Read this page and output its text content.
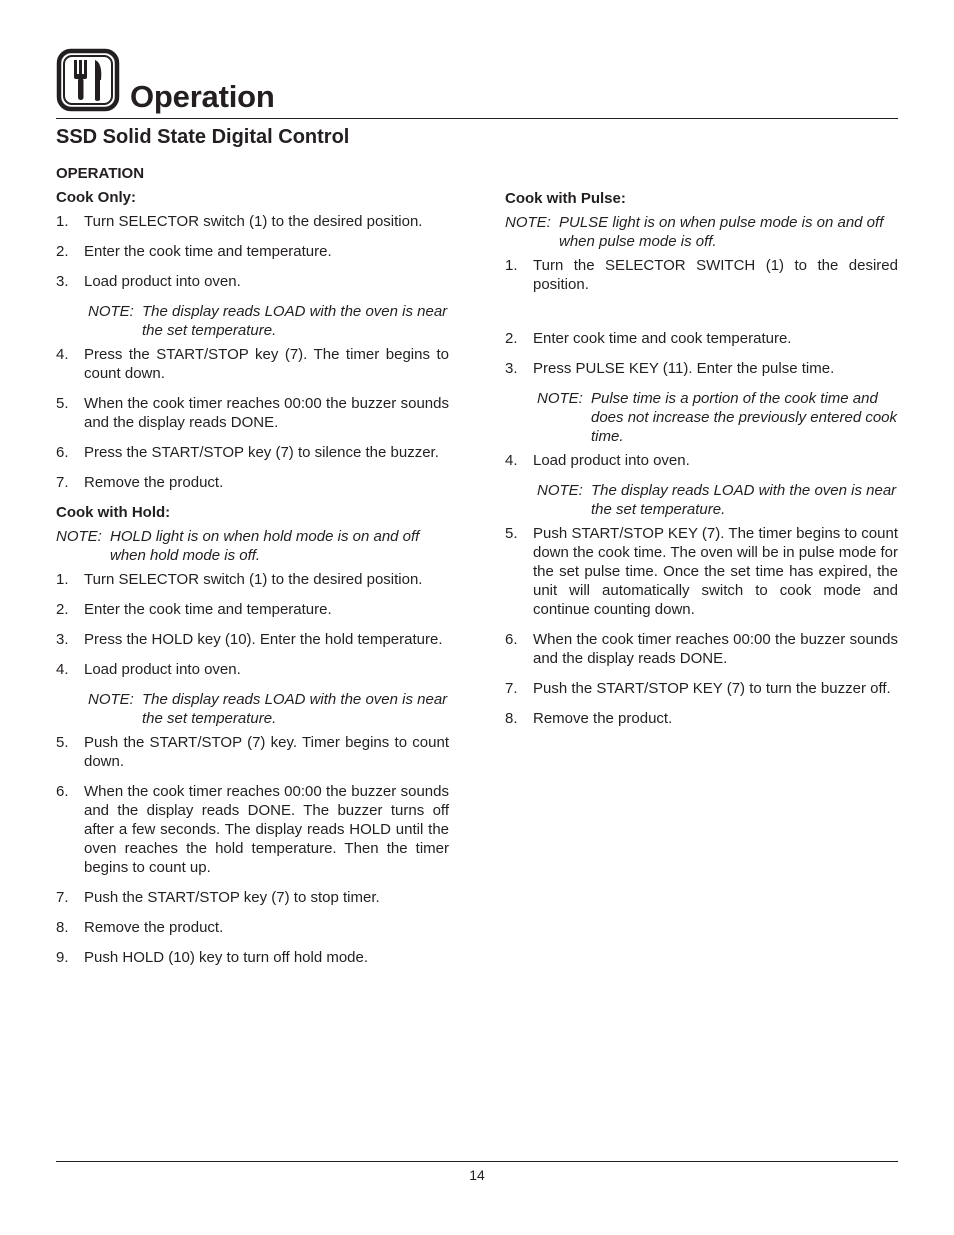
Operation
SSD Solid State Digital Control
OPERATION
Cook Only:
1. Turn SELECTOR switch (1) to the desired position.
2. Enter the cook time and temperature.
3. Load product into oven.
NOTE: The display reads LOAD with the oven is near the set temperature.
4. Press the START/STOP key (7). The timer begins to count down.
5. When the cook timer reaches 00:00 the buzzer sounds and the display reads DONE.
6. Press the START/STOP key (7) to silence the buzzer.
7. Remove the product.
Cook with Hold:
NOTE: HOLD light is on when hold mode is on and off when hold mode is off.
1. Turn SELECTOR switch (1) to the desired position.
2. Enter the cook time and temperature.
3. Press the HOLD key (10). Enter the hold temperature.
4. Load product into oven.
NOTE: The display reads LOAD with the oven is near the set temperature.
5. Push the START/STOP (7) key. Timer begins to count down.
6. When the cook timer reaches 00:00 the buzzer sounds and the display reads DONE. The buzzer turns off after a few seconds. The display reads HOLD until the oven reaches the hold temperature. Then the timer begins to count up.
7. Push the START/STOP key (7) to stop timer.
8. Remove the product.
9. Push HOLD (10) key to turn off hold mode.
Cook with Pulse:
NOTE: PULSE light is on when pulse mode is on and off when pulse mode is off.
1. Turn the SELECTOR SWITCH (1) to the desired position.
2. Enter cook time and cook temperature.
3. Press PULSE KEY (11). Enter the pulse time.
NOTE: Pulse time is a portion of the cook time and does not increase the previously entered cook time.
4. Load product into oven.
NOTE: The display reads LOAD with the oven is near the set temperature.
5. Push START/STOP KEY (7). The timer begins to count down the cook time. The oven will be in pulse mode for the set pulse time. Once the set time has expired, the unit will automatically switch to cook mode and continue counting down.
6. When the cook timer reaches 00:00 the buzzer sounds and the display reads DONE.
7. Push the START/STOP KEY (7) to turn the buzzer off.
8. Remove the product.
14
